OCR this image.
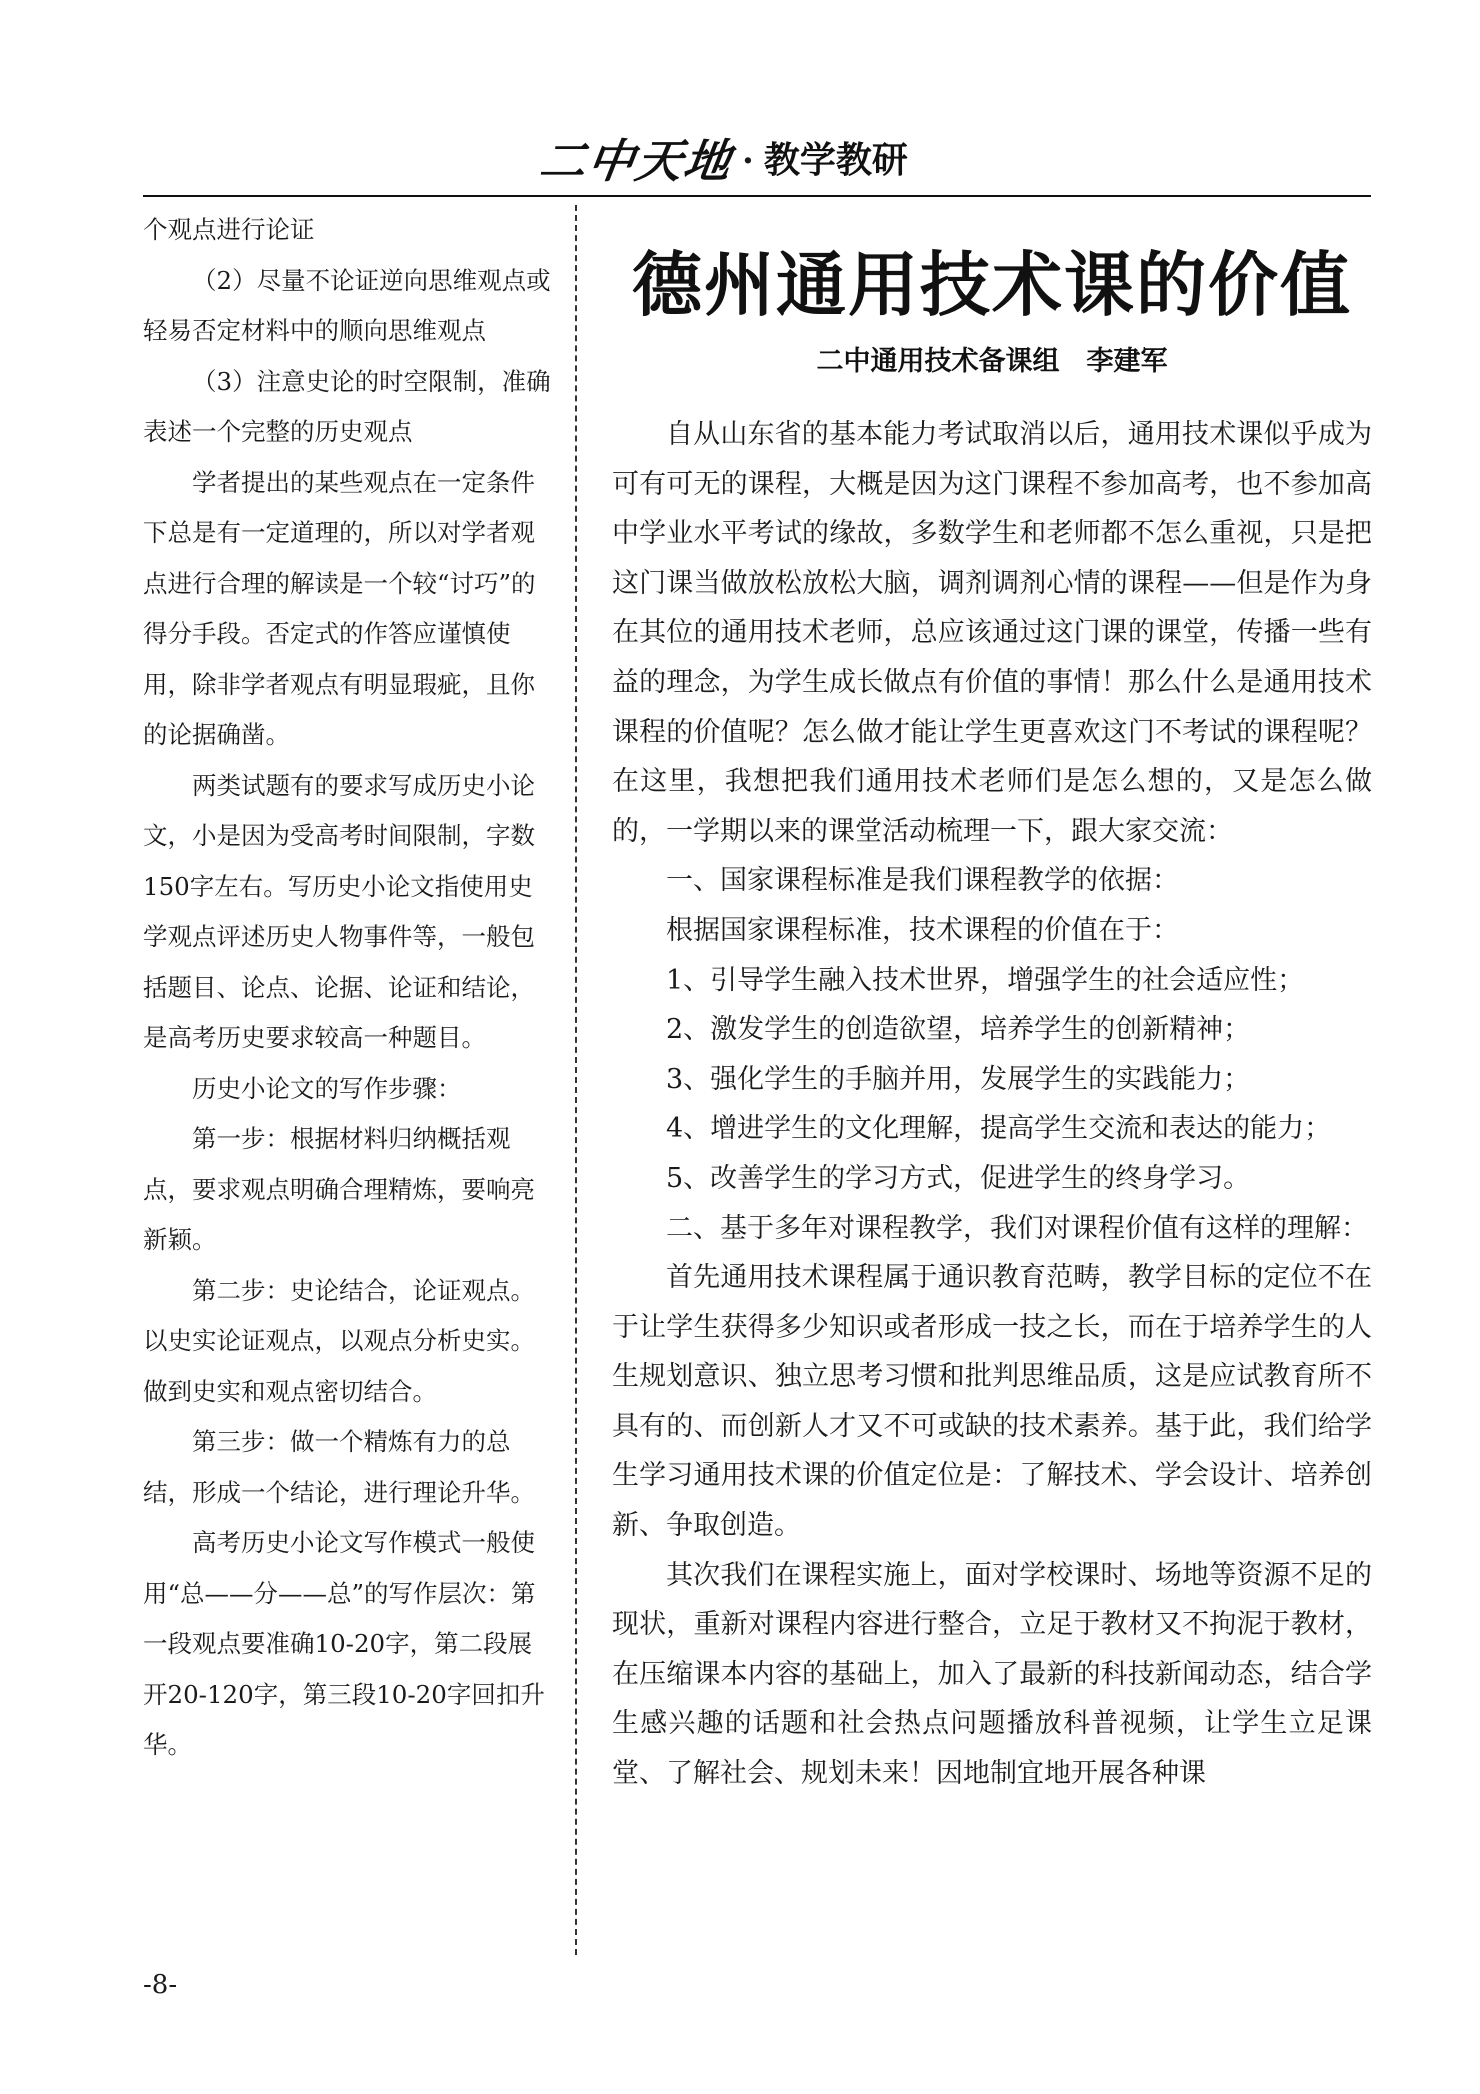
二中天地 · 教学教研

个观点进行论证

（2）尽量不论证逆向思维观点或轻易否定材料中的顺向思维观点

（3）注意史论的时空限制，准确表述一个完整的历史观点

学者提出的某些观点在一定条件下总是有一定道理的，所以对学者观点进行合理的解读是一个较“讨巧”的得分手段。否定式的作答应谨慎使用，除非学者观点有明显瑕疵，且你的论据确凿。

两类试题有的要求写成历史小论文，小是因为受高考时间限制，字数150字左右。写历史小论文指使用史学观点评述历史人物事件等，一般包括题目、论点、论据、论证和结论，是高考历史要求较高一种题目。

历史小论文的写作步骤：

第一步：根据材料归纳概括观点，要求观点明确合理精炼，要响亮新颖。

第二步：史论结合，论证观点。以史实论证观点，以观点分析史实。做到史实和观点密切结合。

第三步：做一个精炼有力的总结，形成一个结论，进行理论升华。

高考历史小论文写作模式一般使用“总——分——总”的写作层次：第一段观点要准确10-20字，第二段展开20-120字，第三段10-20字回扣升华。

德州通用技术课的价值
二中通用技术备课组　李建军

自从山东省的基本能力考试取消以后，通用技术课似乎成为可有可无的课程，大概是因为这门课程不参加高考，也不参加高中学业水平考试的缘故，多数学生和老师都不怎么重视，只是把这门课当做放松放松大脑，调剂调剂心情的课程——但是作为身在其位的通用技术老师，总应该通过这门课的课堂，传播一些有益的理念，为学生成长做点有价值的事情！那么什么是通用技术课程的价值呢？怎么做才能让学生更喜欢这门不考试的课程呢？在这里，我想把我们通用技术老师们是怎么想的，又是怎么做的，一学期以来的课堂活动梳理一下，跟大家交流：

一、国家课程标准是我们课程教学的依据：

根据国家课程标准，技术课程的价值在于：

1、引导学生融入技术世界，增强学生的社会适应性；

2、激发学生的创造欲望，培养学生的创新精神；

3、强化学生的手脑并用，发展学生的实践能力；

4、增进学生的文化理解，提高学生交流和表达的能力；

5、改善学生的学习方式，促进学生的终身学习。

二、基于多年对课程教学，我们对课程价值有这样的理解：

首先通用技术课程属于通识教育范畴，教学目标的定位不在于让学生获得多少知识或者形成一技之长，而在于培养学生的人生规划意识、独立思考习惯和批判思维品质，这是应试教育所不具有的、而创新人才又不可或缺的技术素养。基于此，我们给学生学习通用技术课的价值定位是：了解技术、学会设计、培养创新、争取创造。

其次我们在课程实施上，面对学校课时、场地等资源不足的现状，重新对课程内容进行整合，立足于教材又不拘泥于教材，在压缩课本内容的基础上，加入了最新的科技新闻动态，结合学生感兴趣的话题和社会热点问题播放科普视频，让学生立足课堂、了解社会、规划未来！因地制宜地开展各种课

-8-
